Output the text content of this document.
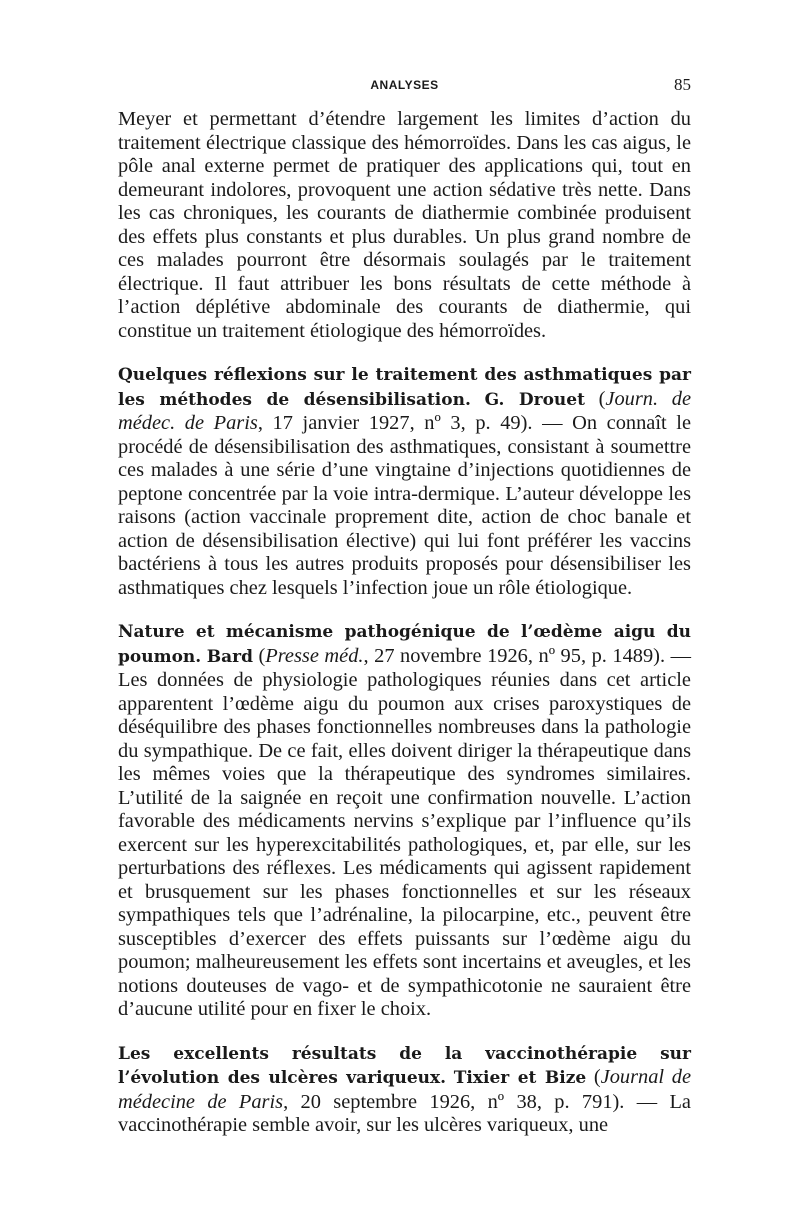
ANALYSES	85

Meyer et permettant d’étendre largement les limites d’action du traitement électrique classique des hémorroïdes. Dans les cas aigus, le pôle anal externe permet de pratiquer des applications qui, tout en demeurant indolores, provoquent une action sédative très nette. Dans les cas chroniques, les courants de diathermie combinée produisent des effets plus constants et plus durables. Un plus grand nombre de ces malades pourront être désormais soulagés par le traitement électrique. Il faut attribuer les bons résultats de cette méthode à l’action déplétive abdominale des courants de diathermie, qui constitue un traitement étiologique des hémorroïdes.

Quelques réflexions sur le traitement des asthmatiques par les méthodes de désensibilisation. G. Drouet (Journ. de médec. de Paris, 17 janvier 1927, nº 3, p. 49). — On connaît le procédé de désensibilisation des asthmatiques, consistant à soumettre ces malades à une série d’une vingtaine d’injections quotidiennes de peptone concentrée par la voie intra-dermique. L’auteur développe les raisons (action vaccinale proprement dite, action de choc banale et action de désensibilisation élective) qui lui font préférer les vaccins bactériens à tous les autres produits proposés pour désensibiliser les asthmatiques chez lesquels l’infection joue un rôle étiologique.

Nature et mécanisme pathogénique de l’œdème aigu du poumon. Bard (Presse méd., 27 novembre 1926, nº 95, p. 1489). — Les données de physiologie pathologiques réunies dans cet article apparentent l’œdème aigu du poumon aux crises paroxystiques de déséquilibre des phases fonctionnelles nombreuses dans la pathologie du sympathique. De ce fait, elles doivent diriger la thérapeutique dans les mêmes voies que la thérapeutique des syndromes similaires. L’utilité de la saignée en reçoit une confirmation nouvelle. L’action favorable des médicaments nervins s’explique par l’influence qu’ils exercent sur les hyperexcitabilités pathologiques, et, par elle, sur les perturbations des réflexes. Les médicaments qui agissent rapidement et brusquement sur les phases fonctionnelles et sur les réseaux sympathiques tels que l’adrénaline, la pilocarpine, etc., peuvent être susceptibles d’exercer des effets puissants sur l’œdème aigu du poumon; malheureusement les effets sont incertains et aveugles, et les notions douteuses de vago- et de sympathicotonie ne sauraient être d’aucune utilité pour en fixer le choix.

Les excellents résultats de la vaccinothérapie sur l’évolution des ulcères variqueux. Tixier et Bize (Journal de médecine de Paris, 20 septembre 1926, nº 38, p. 791). — La vaccinothérapie semble avoir, sur les ulcères variqueux, une
